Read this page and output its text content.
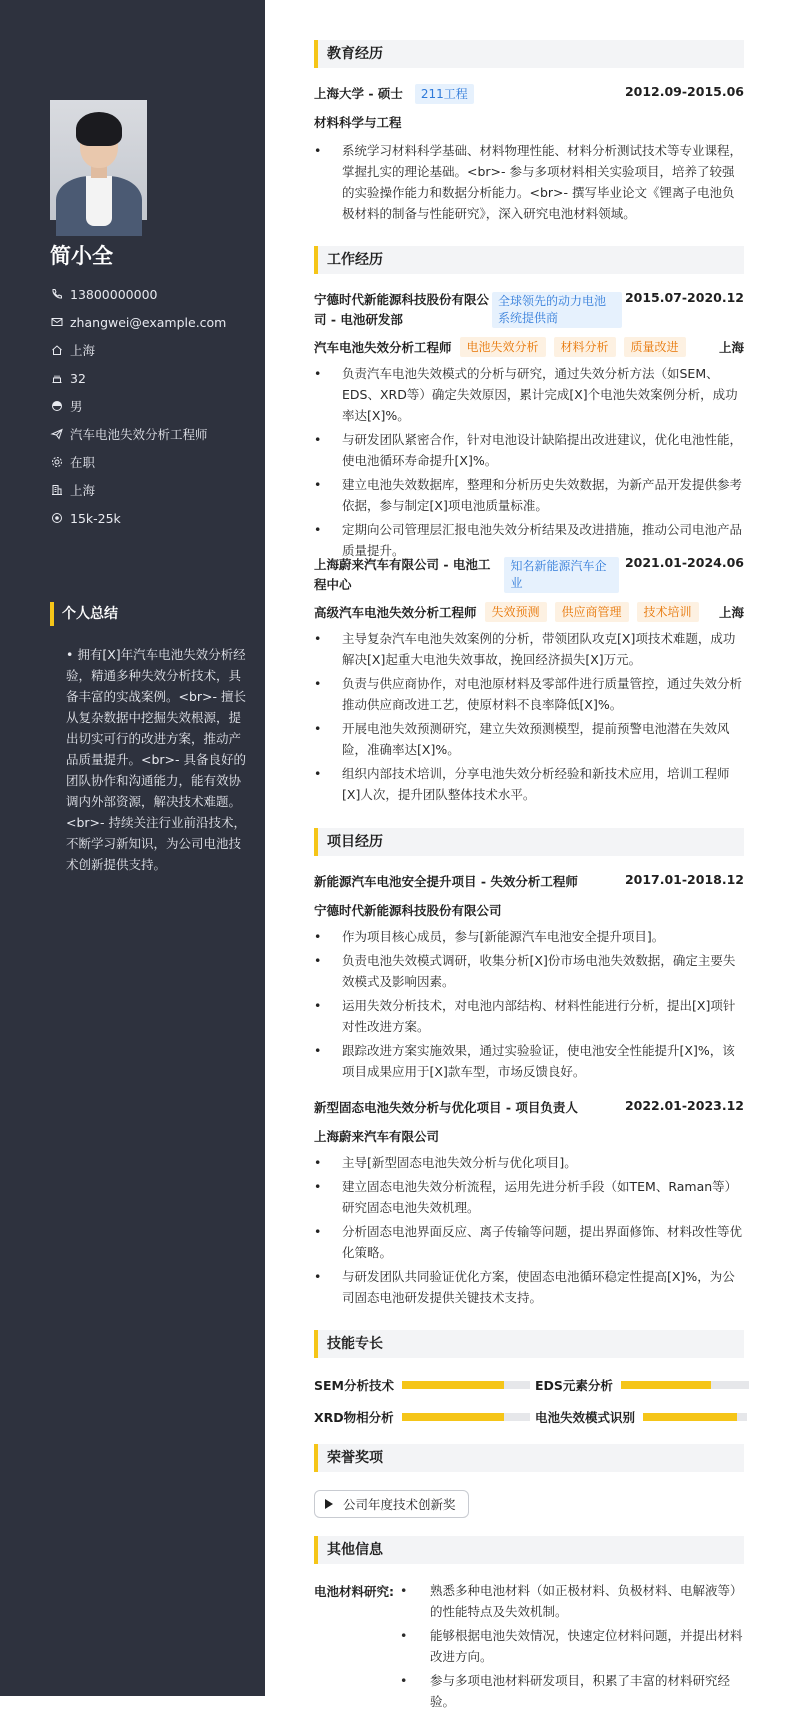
简小全
13800000000
zhangwei@example.com
上海
32
男
汽车电池失效分析工程师
在职
上海
15k-25k
个人总结
• 拥有[X]年汽车电池失效分析经验，精通多种失效分析技术，具备丰富的实战案例。<br>- 擅长从复杂数据中挖掘失效根源，提出切实可行的改进方案，推动产品质量提升。<br>- 具备良好的团队协作和沟通能力，能有效协调内外部资源，解决技术难题。<br>- 持续关注行业前沿技术，不断学习新知识，为公司电池技术创新提供支持。
教育经历
上海大学 - 硕士 211工程	2012.09-2015.06
材料科学与工程
• 系统学习材料科学基础、材料物理性能、材料分析测试技术等专业课程，掌握扎实的理论基础。<br>- 参与多项材料相关实验项目，培养了较强的实验操作能力和数据分析能力。<br>- 撰写毕业论文《锂离子电池负极材料的制备与性能研究》，深入研究电池材料领域。
工作经历
宁德时代新能源科技股份有限公司 - 电池研发部
全球领先的动力电池系统提供商
2015.07-2020.12
汽车电池失效分析工程师	电池失效分析	材料分析	质量改进	上海
• 负责汽车电池失效模式的分析与研究，通过失效分析方法（如SEM、EDS、XRD等）确定失效原因，累计完成[X]个电池失效案例分析，成功率达[X]%。
• 与研发团队紧密合作，针对电池设计缺陷提出改进建议，优化电池性能，使电池循环寿命提升[X]%。
• 建立电池失效数据库，整理和分析历史失效数据，为新产品开发提供参考依据，参与制定[X]项电池质量标准。
• 定期向公司管理层汇报电池失效分析结果及改进措施，推动公司电池产品质量提升。
上海蔚来汽车有限公司 - 电池工程中心
知名新能源汽车企业
2021.01-2024.06
高级汽车电池失效分析工程师	失效预测	供应商管理	技术培训	上海
• 主导复杂汽车电池失效案例的分析，带领团队攻克[X]项技术难题，成功解决[X]起重大电池失效事故，挽回经济损失[X]万元。
• 负责与供应商协作，对电池原材料及零部件进行质量管控，通过失效分析推动供应商改进工艺，使原材料不良率降低[X]%。
• 开展电池失效预测研究，建立失效预测模型，提前预警电池潜在失效风险，准确率达[X]%。
• 组织内部技术培训，分享电池失效分析经验和新技术应用，培训工程师[X]人次，提升团队整体技术水平。
项目经历
新能源汽车电池安全提升项目 - 失效分析工程师	2017.01-2018.12
宁德时代新能源科技股份有限公司
• 作为项目核心成员，参与[新能源汽车电池安全提升项目]。
• 负责电池失效模式调研，收集分析[X]份市场电池失效数据，确定主要失效模式及影响因素。
• 运用失效分析技术，对电池内部结构、材料性能进行分析，提出[X]项针对性改进方案。
• 跟踪改进方案实施效果，通过实验验证，使电池安全性能提升[X]%，该项目成果应用于[X]款车型，市场反馈良好。
新型固态电池失效分析与优化项目 - 项目负责人	2022.01-2023.12
上海蔚来汽车有限公司
• 主导[新型固态电池失效分析与优化项目]。
• 建立固态电池失效分析流程，运用先进分析手段（如TEM、Raman等）研究固态电池失效机理。
• 分析固态电池界面反应、离子传输等问题，提出界面修饰、材料改性等优化策略。
• 与研发团队共同验证优化方案，使固态电池循环稳定性提高[X]%，为公司固态电池研发提供关键技术支持。
技能专长
SEM分析技术	EDS元素分析
XRD物相分析	电池失效模式识别
荣誉奖项
公司年度技术创新奖
其他信息
电池材料研究:
•	熟悉多种电池材料（如正极材料、负极材料、电解液等）的性能特点及失效机制。
• 能够根据电池失效情况，快速定位材料问题，并提出材料改进方向。
• 参与多项电池材料研发项目，积累了丰富的材料研究经验。
